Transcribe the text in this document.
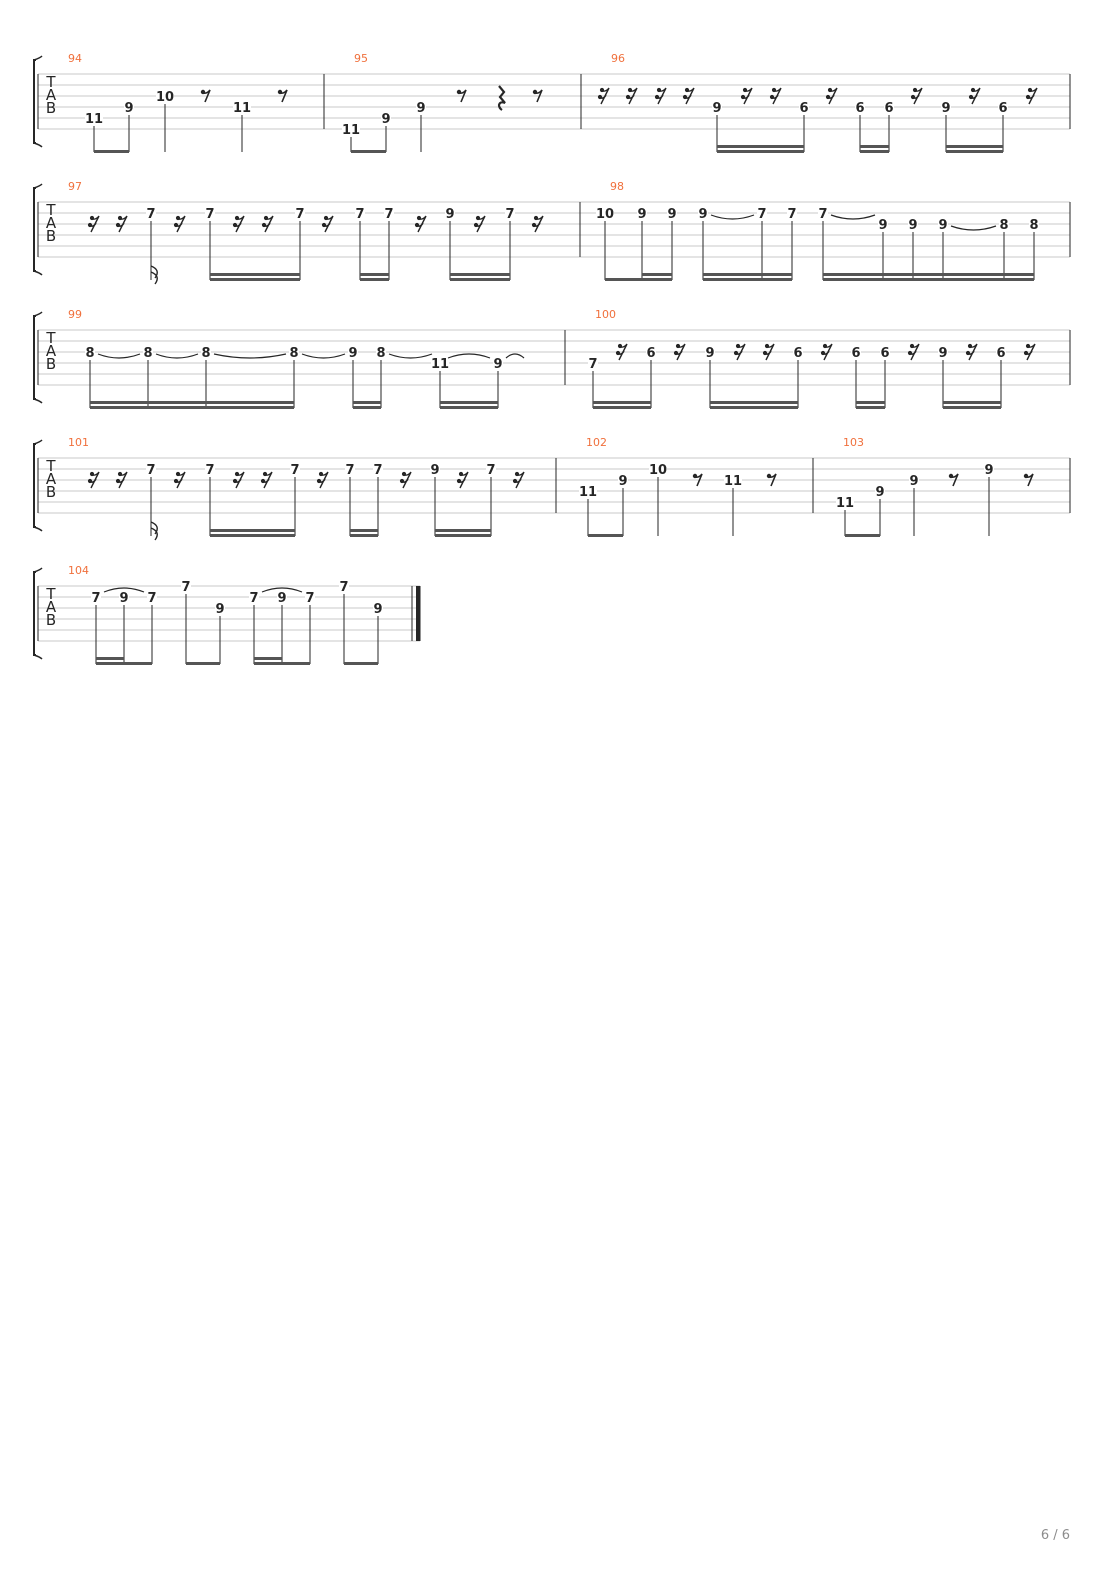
T
A
B
94
11
9
10
11
95
11
9
9
96
9	6	6 6	9	6
T
A
B
97
7	7	7	7 7	9	7
98
10 9 9 9	7 7 7
9 9 9	8 8
T
A
B
99
8	8	8	8	9 8
11	9
100
7
6	9	6	6 6	9	6
T
A
B
101
7	7	7	7 7	9	7
102
11
9
10
11
103
11
9
9
9
T
A
B
104
7 9 7
7
9
7 9 7
7
9
6 / 6
